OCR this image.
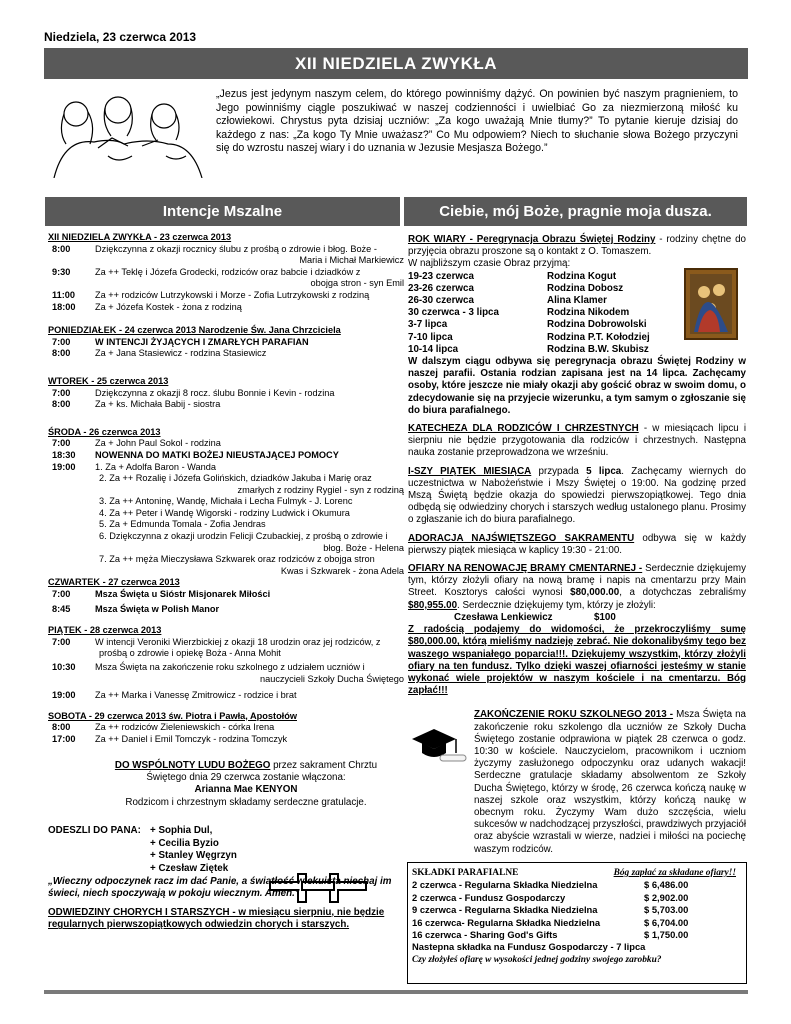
Niedziela, 23 czerwca 2013
XII NIEDZIELA ZWYKŁA
„Jezus jest jedynym naszym celem, do którego powinniśmy dążyć. On powinien być naszym pragnieniem, to Jego powinniśmy ciągle poszukiwać w naszej codzienności i uwielbiać Go za niezmierzoną miłość ku człowiekowi. Chrystus pyta dzisiaj uczniów: „Za kogo uważają Mnie tłumy?” To pytanie kieruje dzisiaj do każdego z nas: „Za kogo Ty Mnie uważasz?” Co Mu odpowiem? Niech to słuchanie słowa Bożego przyczyni się do wzrostu naszej wiary i do uznania w Jezusie Mesjasza Bożego.”
Intencje Mszalne	Ciebie, mój Boże, pragnie moja dusza.
XII NIEDZIELA ZWYKŁA - 23 czerwca 2013
8:00	Dziękczynna z okazji rocznicy ślubu z prośbą o zdrowie i błog. Boże -
Maria i Michał Markiewicz
9:30	Za ++ Teklę i Józefa Grodecki, rodziców oraz babcie i dziadków z
obojga stron - syn Emil
11:00	Za ++ rodziców Lutrzykowski i Morze - Zofia Lutrzykowski z rodziną
18:00	Za + Józefa Kostek - żona z rodziną
PONIEDZIAŁEK - 24 czerwca 2013 Narodzenie Św. Jana Chrzciciela
7:00	W INTENCJI ŻYJĄCYCH I ZMARŁYCH PARAFIAN
8:00	Za + Jana Stasiewicz - rodzina Stasiewicz
WTOREK - 25 czerwca 2013
7:00	Dziękczynna z okazji 8 rocz. ślubu Bonnie i Kevin - rodzina
8:00	Za + ks. Michała Babij - siostra
ŚRODA - 26 czerwca 2013
7:00	Za + John Paul Sokol - rodzina
18:30	NOWENNA DO MATKI BOŻEJ NIEUSTAJĄCEJ POMOCY
19:00	1. Za + Adolfa Baron - Wanda
2. Za ++ Rozalię i Józefa Golińskich, dziadków Jakuba i Marię oraz
zmarłych z rodziny Rygiel - syn z rodziną
3. Za ++ Antoninę, Wandę, Michała i Lecha Fulmyk - J. Lorenc
4. Za ++ Peter i Wandę Wigorski - rodziny Ludwick i Okumura
5. Za + Edmunda Tomala - Zofia Jendras
6. Dziękczynna z okazji urodzin Felicji Czubackiej, z prośbą o zdrowie i
błog. Boże - Helena
7. Za ++ męża Mieczysława Szkwarek oraz rodziców z obojga stron
Kwas i Szkwarek - żona Adela
CZWARTEK - 27 czerwca 2013
7:00	Msza Święta u Sióstr Misjonarek Miłości
8:45	Msza Święta w Polish Manor
PIĄTEK - 28 czerwca 2013
7:00	W intencji Veroniki Wierzbickiej z okazji 18 urodzin oraz jej rodziców, z
prośbą o zdrowie i opiekę Boża - Anna Mohit
10:30	Msza Święta na zakończenie roku szkolnego z udziałem uczniów i
nauczycieli Szkoły Ducha Świętego
19:00	Za ++ Marka i Vanessę Zmitrowicz - rodzice i brat
SOBOTA - 29 czerwca 2013 św. Piotra i Pawła, Apostołów
8:00	Za ++ rodziców Zieleniewskich - córka Irena
17:00	Za ++ Daniel i Emil Tomczyk - rodzina Tomczyk
DO WSPÓLNOTY LUDU BOŻEGO przez sakrament Chrztu
Świętego dnia 29 czerwca zostanie włączona:
Arianna Mae KENYON
Rodzicom i chrzestnym składamy serdeczne gratulacje.
ODESZLI DO PANA: + Sophia Dul,
+ Cecilia Byzio
+ Stanley Węgrzyn
+ Czesław Ziętek
„Wieczny odpoczynek racz im dać Panie, a światłość wiekuista niechaj im świeci, niech spoczywają w pokoju wiecznym. Amen.”
ODWIEDZINY CHORYCH I STARSZYCH - w miesiącu sierpniu, nie będzie regularnych pierwszopiątkowych odwiedzin chorych i starszych.
ROK WIARY - Peregrynacja Obrazu Świętej Rodziny - rodziny chętne do przyjęcia obrazu proszone są o kontakt z O. Tomaszem.
W najbliższym czasie Obraz przyjmą:
19-23 czerwca	Rodzina Kogut
23-26 czerwca	Rodzina Dobosz
26-30 czerwca	Alina Klamer
30 czerwca - 3 lipca	Rodzina Nikodem
3-7 lipca	Rodzina Dobrowolski
7-10 lipca	Rodzina P.T. Kołodziej
10-14 lipca	Rodzina B.W. Skubisz
W dalszym ciągu odbywa się peregrynacja obrazu Świętej Rodziny w naszej parafii. Ostania rodzian zapisana jest na 14 lipca. Zachęcamy osoby, które jeszcze nie miały okazji aby gościć obraz w swoim domu, o zdecydowanie się na przyjecie wizerunku, a tym samym o zgłoszanie się do biura parafialnego.
KATECHEZA DLA RODZICÓW I CHRZESTNYCH - w miesiącach lipcu i sierpniu nie będzie przygotowania dla rodziców i chrzestnych. Następna nauka zostanie przeprowadzona we wrześniu.
I-SZY PIĄTEK MIESIĄCA przypada 5 lipca. Zachęcamy wiernych do uczestnictwa w Nabożeństwie i Mszy Świętej o 19:00. Na godzinę przed Mszą Świętą będzie okazja do spowiedzi pierwszopiątkowej. Tego dnia odbędą się odwiedziny chorych i starszych według ustalonego planu. Prosimy o zgłaszanie ich do biura parafialnego.
ADORACJA NAJŚWIĘTSZEGO SAKRAMENTU odbywa się w każdy pierwszy piątek miesiąca w kaplicy 19:30 - 21:00.
OFIARY NA RENOWACJĘ BRAMY CMENTARNEJ - Serdecznie dziękujemy tym, którzy złożyli ofiary na nową bramę i napis na cmentarzu przy Main Street. Kosztorys całości wynosi $80,000.00, a dotychczas zebraliśmy $80,955.00. Serdecznie dziękujemy tym, którzy je złożyli:
Czesława Lenkiewicz	$100
Z radością podajemy do widomości, że przekroczyliśmy sumę $80,000.00, którą mieliśmy nadzieję zebrać. Nie dokonalibyśmy tego bez waszego wspaniałego poparcia!!!. Dziękujemy wszystkim, którzy złożyli ofiary na ten fundusz. Tylko dzięki waszej ofiarności jesteśmy w stanie wykonać wiele projektów w naszym kościele i na cmentarzu. Bóg zapłać!!!
ZAKOŃCZENIE ROKU SZKOLNEGO 2013 - Msza Święta na zakończenie roku szkolengo dla uczniów ze Szkoły Ducha Świętego zostanie odprawiona w piątek 28 czerwca o godz. 10:30 w kościele. Nauczycielom, pracownikom i uczniom życzymy zasłużonego odpoczynku oraz udanych wakacji! Serdeczne gratulacje składamy absolwentom ze Szkoły Ducha Świętego, którzy w środę, 26 czerwca kończą naukę w naszej szkole oraz wszystkim, którzy kończą naukę w obecnym roku. Życzymy Wam dużo szczęścia, wielu sukcesów w nadchodzącej przyszłości, prawdziwych przyjaciół oraz abyście wzrastali w wierze, nadziei i miłości na pociechę waszym rodziców.
SKŁADKI PARAFIALNE	Bóg zapłać za składane ofiary!!
2 czerwca - Regularna Składka Niedzielna	$ 6,486.00
2 czerwca - Fundusz Gospodarczy	$ 2,902.00
9 czerwca - Regularna Składka Niedzielna	$ 5,703.00
16 czerwca- Regularna Składka Niedzielna	$ 6,704.00
16 czerwca - Sharing God's Gifts	$ 1,750.00
Nastepna składka na Fundusz Gospodarczy - 7 lipca
Czy złożyłeś ofiarę w wysokości jednej godziny swojego zarobku?
